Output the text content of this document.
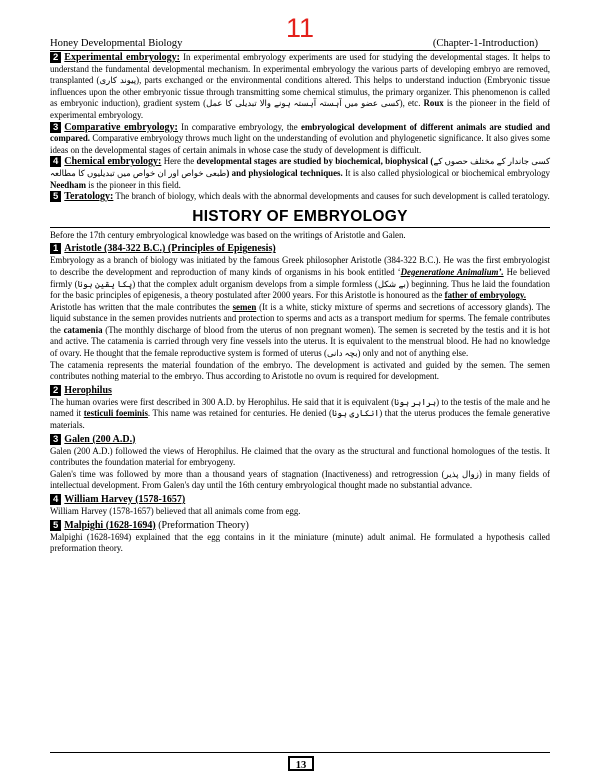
11
Honey Developmental Biology	(Chapter-1-Introduction)

2 Experimental embryology: In experimental embryology experiments are used for studying the developmental stages. It helps to understand the fundamental developmental mechanism. In experimental embryology the various parts of developing embryo are removed, transplanted (پیوند کاری), parts exchanged or the environmental conditions altered. This helps to understand induction (Embryonic tissue influences upon the other embryonic tissue through transmitting some chemical stimulus, the primary organizer. This phenomenon is called as embryonic induction), gradient system (کسی عضو میں آہستہ آہستہ ہونے والا تبدیلی کا عمل), etc. Roux is the pioneer in the field of experimental embryology.

3 Comparative embryology: In comparative embryology, the embryological development of different animals are studied and compared. Comparative embryology throws much light on the understanding of evolution and phylogenetic significance. It also gives some ideas on the developmental stages of certain animals in whose case the study of development is difficult.

4 Chemical embryology: Here the developmental stages are studied by biochemical, biophysical (کسی جاندار کے مختلف حصوں کے طبعی خواص اور ان خواص میں تبدیلیوں کا مطالعہ) and physiological techniques. It is also called physiological or biochemical embryology Needham is the pioneer in this field.

5 Teratology: The branch of biology, which deals with the abnormal developments and causes for such development is called teratology.

HISTORY OF EMBRYOLOGY

Before the 17th century embryological knowledge was based on the writings of Aristotle and Galen.

1 Aristotle (384-322 B.C.) (Principles of Epigenesis)

Embryology as a branch of biology was initiated by the famous Greek philosopher Aristotle (384-322 B.C.). He was the first embryologist to describe the development and reproduction of many kinds of organisms in his book entitled ‘Degeneratione Animalium’. He believed firmly (پکا یقین ہونا) that the complex adult organism develops from a simple formless (بے شکل) beginning. Thus he laid the foundation for the basic principles of epigenesis, a theory postulated after 2000 years. For this Aristotle is honoured as the father of embryology.

Aristotle has written that the male contributes the semen (It is a white, sticky mixture of sperms and secretions of accessory glands). The liquid substance in the semen provides nutrients and protection to sperms and acts as a transport medium for sperms. The female contributes the catamenia (The monthly discharge of blood from the uterus of non pregnant women). The semen is secreted by the testis and it is hot and active. The catamenia is carried through very fine vessels into the uterus. It is equivalent to the menstrual blood. He had no knowledge of ovary. He thought that the female reproductive system is formed of uterus (بچہ دانی) only and not of anything else.

The catamenia represents the material foundation of the embryo. The development is activated and guided by the semen. The semen contributes nothing material to the embryo. Thus according to Aristotle no ovum is required for development.

2 Herophilus

The human ovaries were first described in 300 A.D. by Herophilus. He said that it is equivalent (برابر ہونا) to the testis of the male and he named it testiculi foeminis. This name was retained for centuries. He denied (انکاری ہونا) that the uterus produces the female generative materials.

3 Galen (200 A.D.)

Galen (200 A.D.) followed the views of Herophilus. He claimed that the ovary as the structural and functional homologues of the testis. It contributes the foundation material for embryogeny.

Galen's time was followed by more than a thousand years of stagnation (Inactiveness) and retrogression (زوال پذیر) in many fields of intellectual development. From Galen's day until the 16th century embryological thought made no substantial advance.

4 William Harvey (1578-1657)

William Harvey (1578-1657) believed that all animals come from egg.

5 Malpighi (1628-1694) (Preformation Theory)

Malpighi (1628-1694) explained that the egg contains in it the miniature (minute) adult animal. He formulated a hypothesis called preformation theory.

13
